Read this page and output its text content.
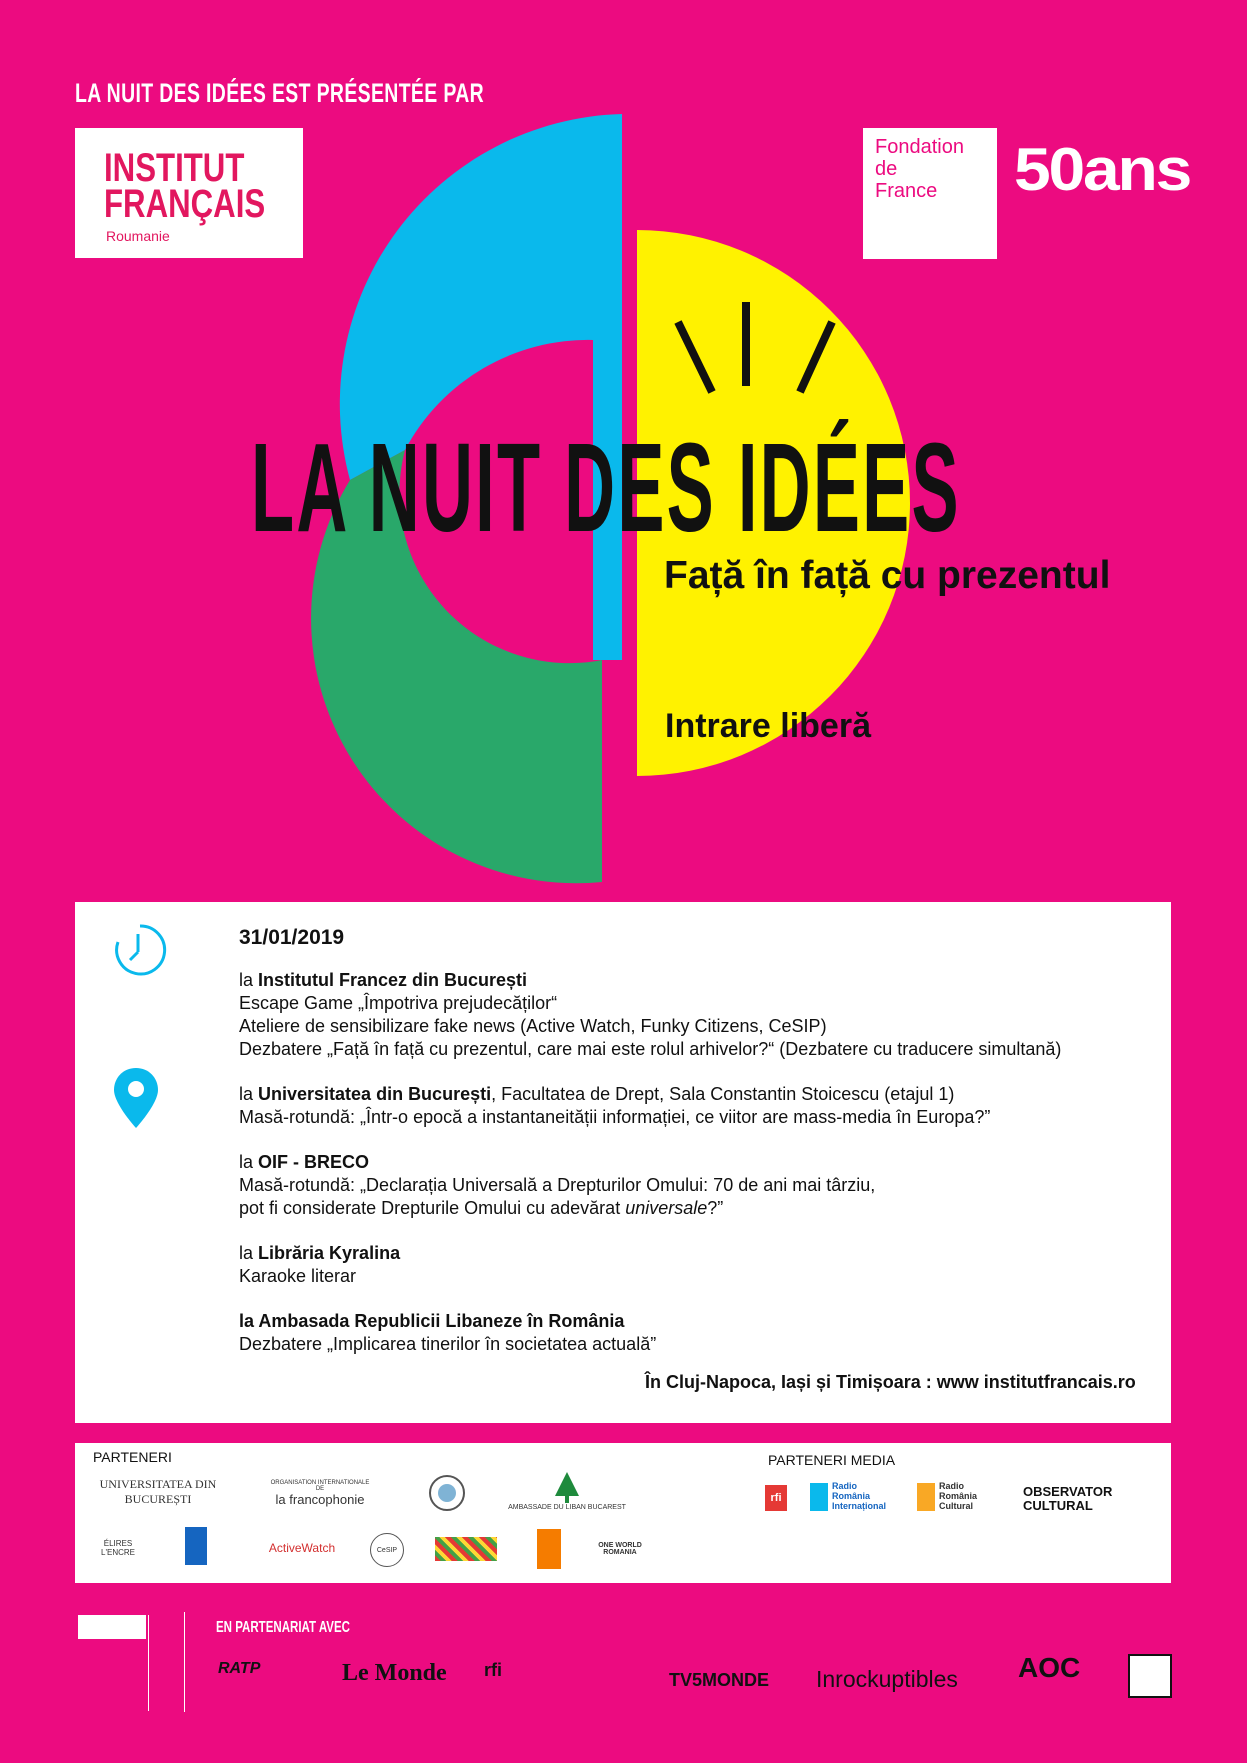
LA NUIT DES IDÉES EST PRÉSENTÉE PAR
INSTITUT
FRANÇAIS
Roumanie
Fondation
de
France 50ans
LA NUIT DES IDÉES
Față în față cu prezentul
Intrare liberă
31/01/2019
la Institutul Francez din București
Escape Game „Împotriva prejudecăților“
Ateliere de sensibilizare fake news (Active Watch, Funky Citizens, CeSIP)
Dezbatere „Față în față cu prezentul, care mai este rolul arhivelor?“ (Dezbatere cu traducere simultană)
la Universitatea din București, Facultatea de Drept, Sala Constantin Stoicescu (etajul 1)
Masă-rotundă: „Într-o epocă a instantaneității informației, ce viitor are mass-media în Europa?”
la OIF - BRECO
Masă-rotundă: „Declarația Universală a Drepturilor Omului: 70 de ani mai târziu,
pot fi considerate Drepturile Omului cu adevărat universale?”
la Librăria Kyralina
Karaoke literar
la Ambasada Republicii Libaneze în România
Dezbatere „Implicarea tinerilor în societatea actuală”
În Cluj-Napoca, Iași și Timișoara : www institutfrancais.ro
PARTENERI	PARTENERI MEDIA
UNIVERSITATEA DIN BUCUREȘTI
ORGANISATION INTERNATIONALE DE
la francophonie
AMBASSADE DU LIBAN BUCAREST
ÉLIRES L'ENCRE	ActiveWatch	CeSIP
ONE WORLD ROMANIA
rfi
Radio
România
Internațional
Radio
România
Cultural
OBSERVATOR
CULTURAL
EN PARTENARIAT AVEC
RATP	Le Monde rfi	TV5MONDE Inrockuptibles AOC
